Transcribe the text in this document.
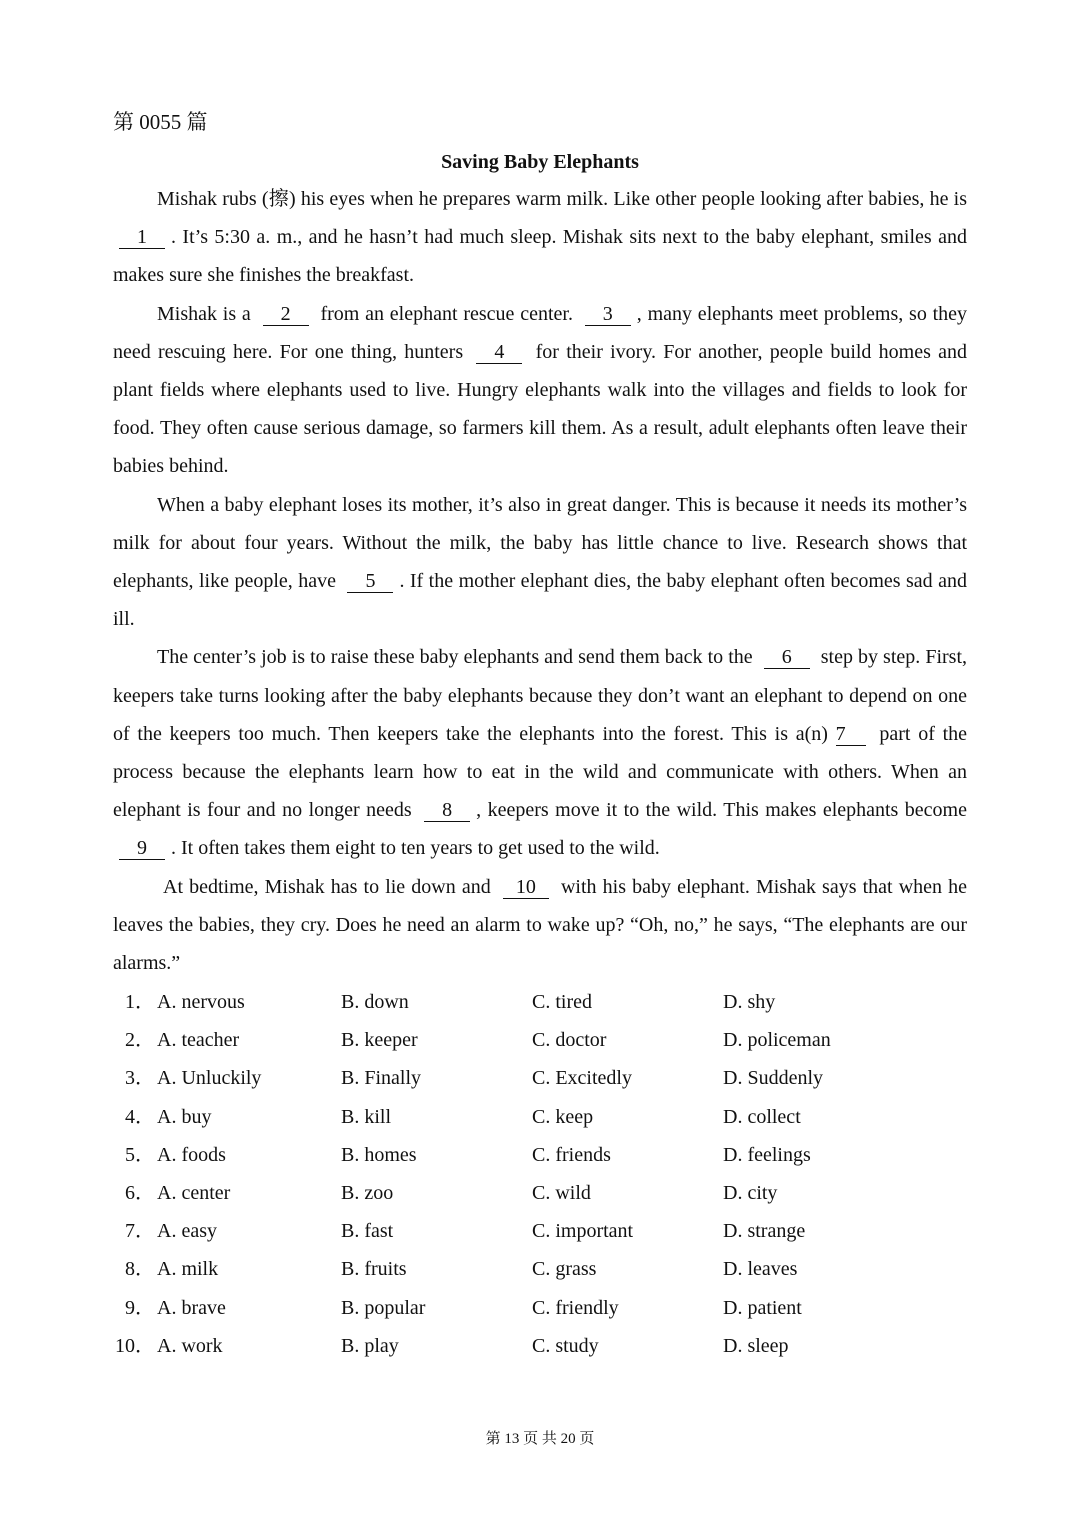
第 0055 篇
Saving Baby Elephants

Mishak rubs (擦) his eyes when he prepares warm milk. Like other people looking after babies, he is 1 . It’s 5:30 a. m., and he hasn’t had much sleep. Mishak sits next to the baby elephant, smiles and makes sure she finishes the breakfast.

Mishak is a 2 from an elephant rescue center. 3 , many elephants meet problems, so they need rescuing here. For one thing, hunters 4 for their ivory. For another, people build homes and plant fields where elephants used to live. Hungry elephants walk into the villages and fields to look for food. They often cause serious damage, so farmers kill them. As a result, adult elephants often leave their babies behind.

When a baby elephant loses its mother, it’s also in great danger. This is because it needs its mother’s milk for about four years. Without the milk, the baby has little chance to live. Research shows that elephants, like people, have 5 . If the mother elephant dies, the baby elephant often becomes sad and ill.

The center’s job is to raise these baby elephants and send them back to the 6 step by step. First, keepers take turns looking after the baby elephants because they don’t want an elephant to depend on one of the keepers too much. Then keepers take the elephants into the forest. This is a(n) 7 part of the process because the elephants learn how to eat in the wild and communicate with others. When an elephant is four and no longer needs 8 , keepers move it to the wild. This makes elephants become 9 . It often takes them eight to ten years to get used to the wild.

At bedtime, Mishak has to lie down and 10 with his baby elephant. Mishak says that when he leaves the babies, they cry. Does he need an alarm to wake up? “Oh, no,” he says, “The elephants are our alarms.”

1． A. nervous	B. down	C. tired	D. shy
2． A. teacher	B. keeper	C. doctor	D. policeman
3． A. Unluckily	B. Finally	C. Excitedly	D. Suddenly
4． A. buy	B. kill	C. keep	D. collect
5． A. foods	B. homes	C. friends	D. feelings
6． A. center	B. zoo	C. wild	D. city
7． A. easy	B. fast	C. important	D. strange
8． A. milk	B. fruits	C. grass	D. leaves
9． A. brave	B. popular	C. friendly	D. patient
10． A. work	B. play	C. study	D. sleep
第 13 页 共 20 页
